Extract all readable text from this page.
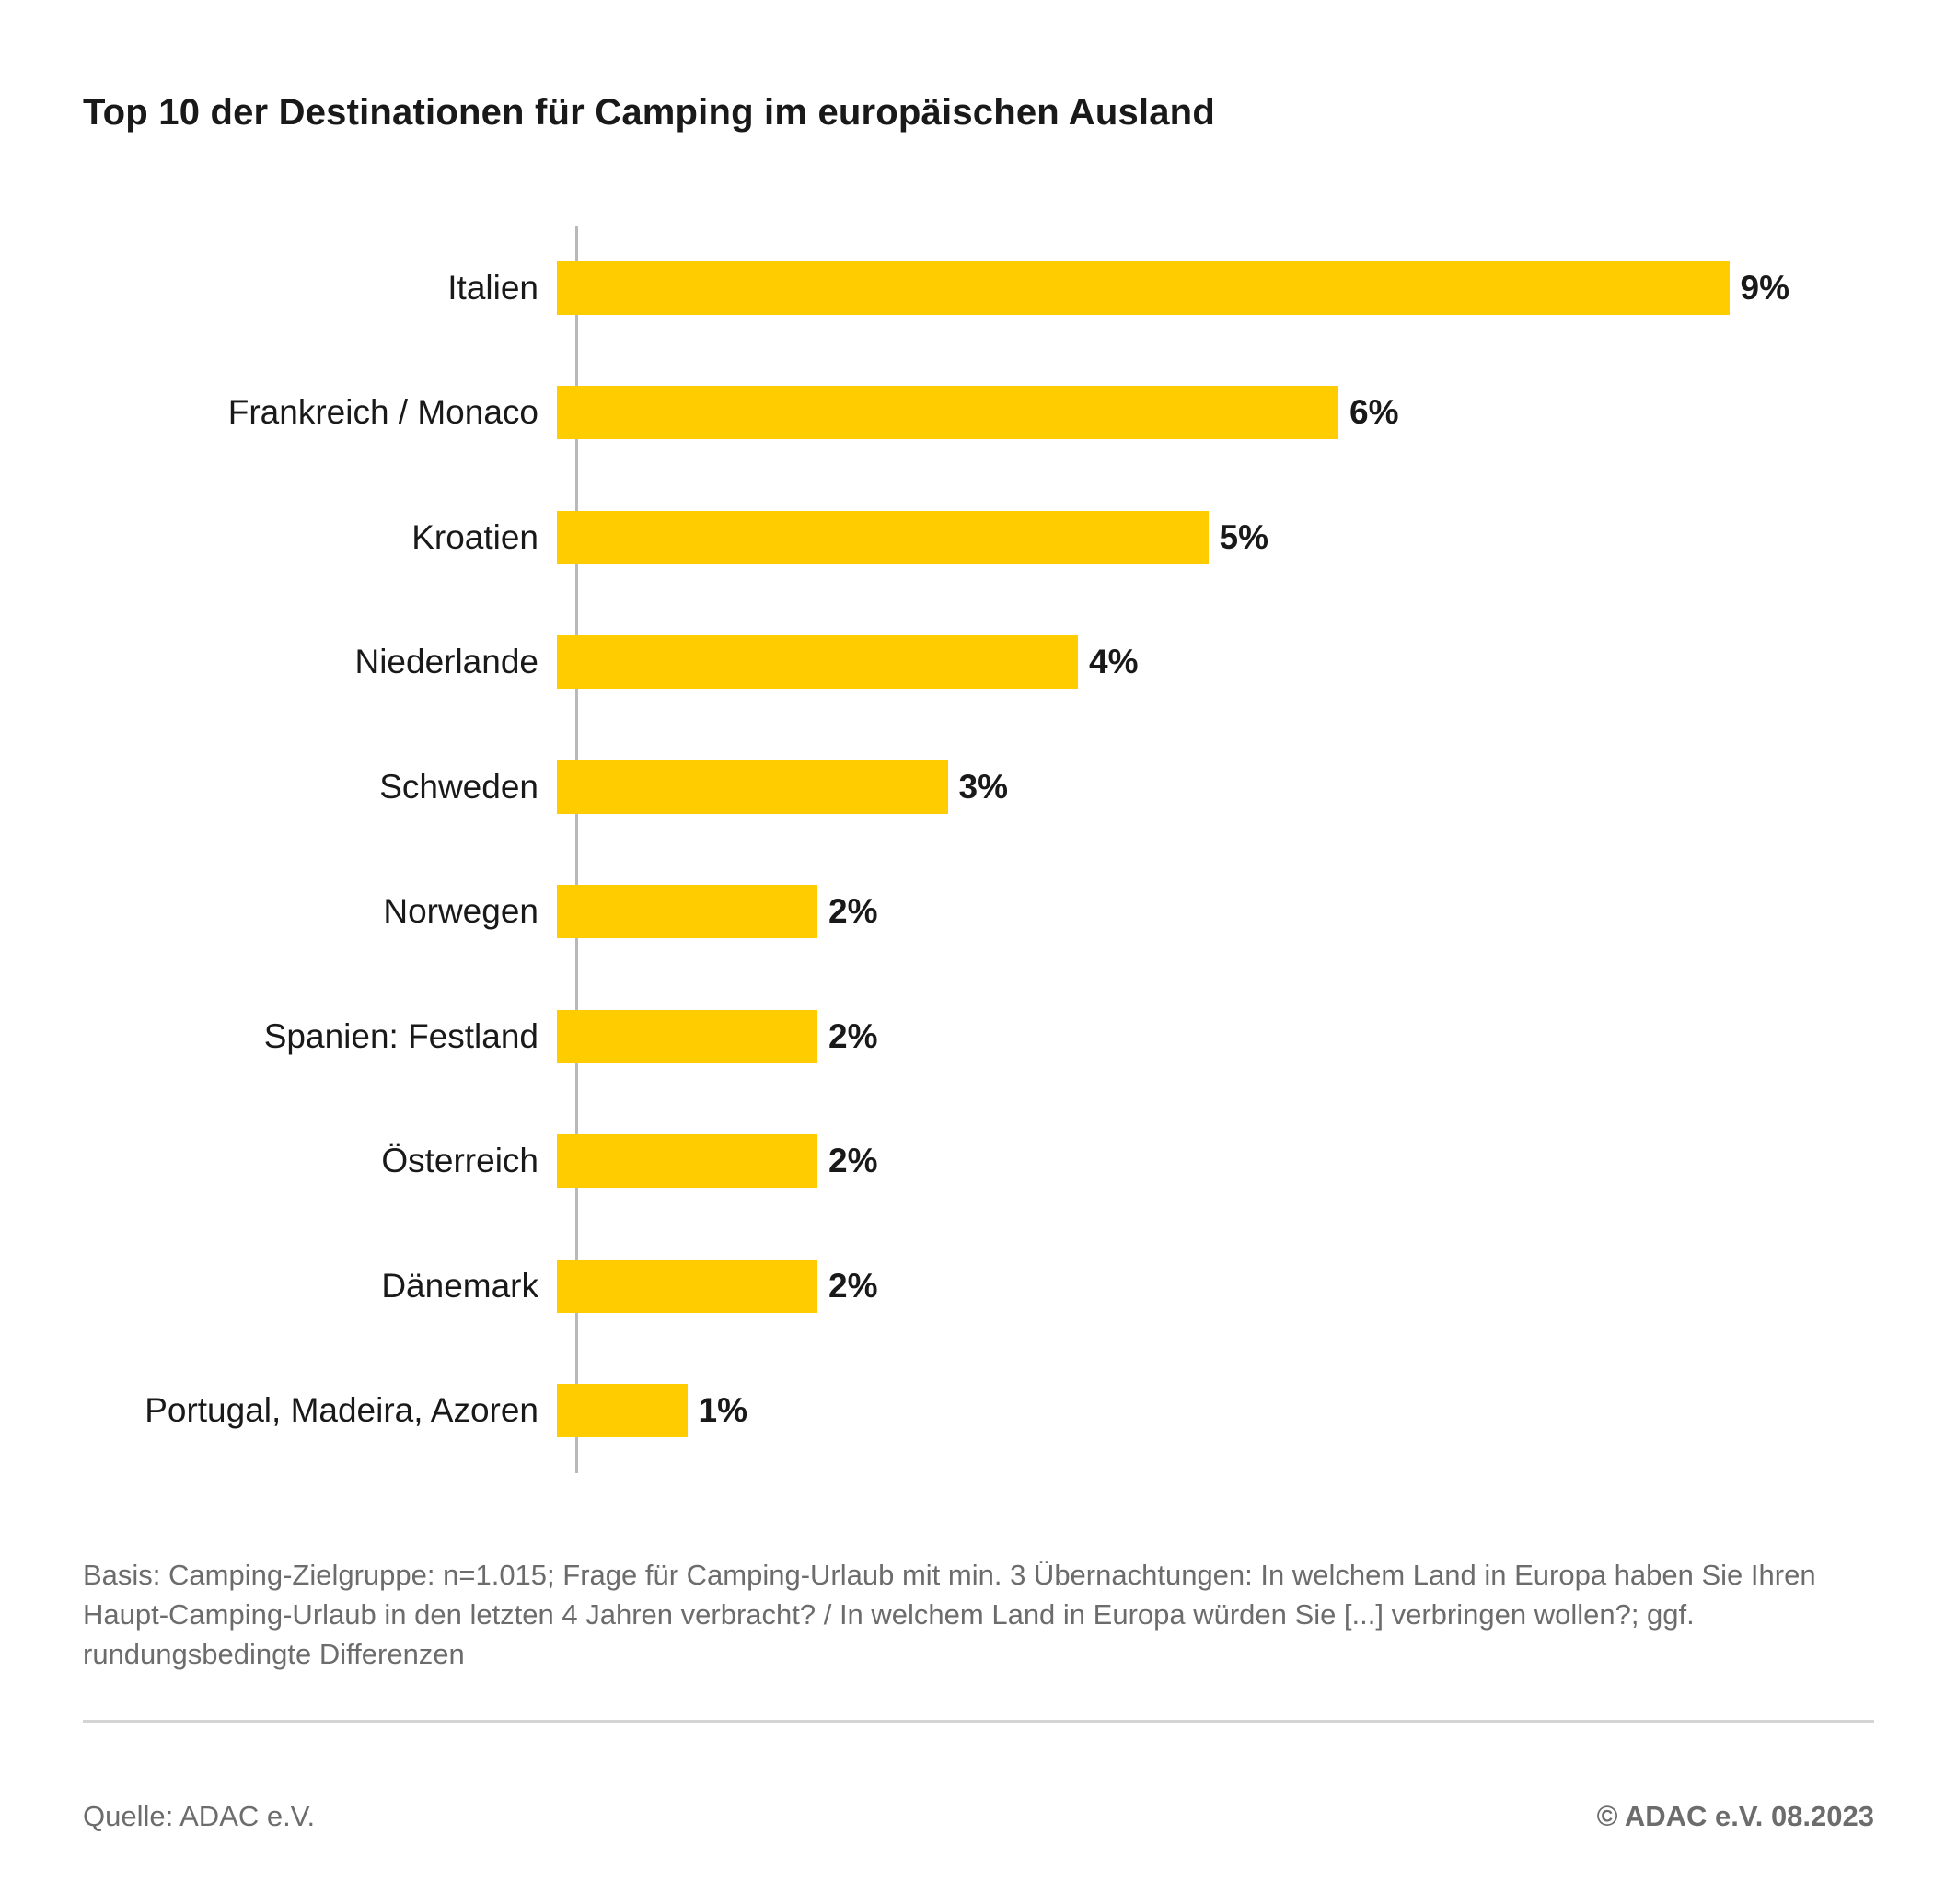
Top 10 der Destinationen für Camping im europäischen Ausland
Italien	9%
Frankreich / Monaco	6%
Kroatien	5%
Niederlande	4%
Schweden	3%
Norwegen	2%
Spanien: Festland	2%
Österreich	2%
Dänemark	2%
Portugal, Madeira, Azoren	1%
Basis: Camping-Zielgruppe: n=1.015; Frage für Camping-Urlaub mit min. 3 Übernachtungen: In welchem Land in Europa haben Sie Ihren Haupt-Camping-Urlaub in den letzten 4 Jahren verbracht? / In welchem Land in Europa würden Sie [...] verbringen wollen?; ggf. rundungsbedingte Differenzen
Quelle: ADAC e.V.	© ADAC e.V. 08.2023
